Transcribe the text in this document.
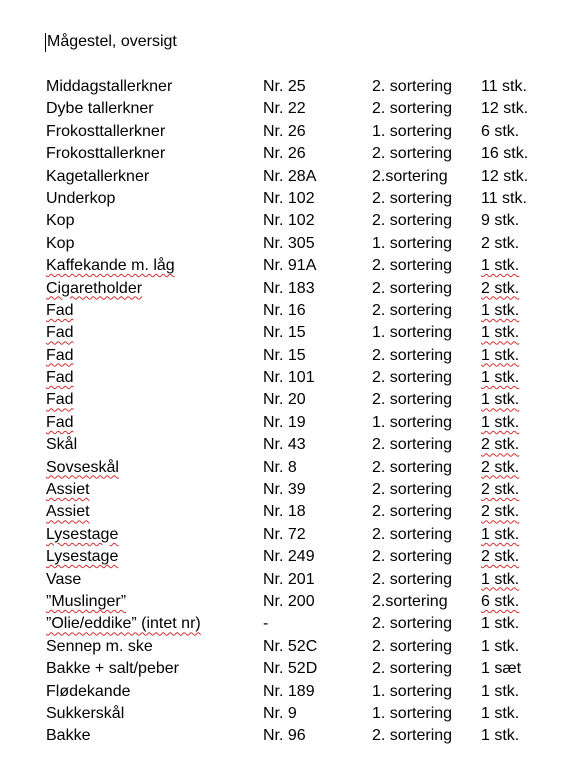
Mågestel, oversigt
Middagstallerkner	Nr. 25	2. sortering 11 stk.
Dybe tallerkner	Nr. 22	2. sortering 12 stk.
Frokosttallerkner	Nr. 26	1. sortering 6 stk.
Frokosttallerkner	Nr. 26	2. sortering 16 stk.
Kagetallerkner	Nr. 28A	2.sortering 12 stk.
Underkop	Nr. 102	2. sortering 11 stk.
Kop	Nr. 102	2. sortering 9 stk.
Kop	Nr. 305	1. sortering 2 stk.
Kaffekande m. låg	Nr. 91A	2. sortering 1 stk.
Cigaretholder	Nr. 183	2. sortering 2 stk.
Fad	Nr. 16	2. sortering 1 stk.
Fad	Nr. 15	1. sortering 1 stk.
Fad	Nr. 15	2. sortering 1 stk.
Fad	Nr. 101	2. sortering 1 stk.
Fad	Nr. 20	2. sortering 1 stk.
Fad	Nr. 19	1. sortering 1 stk.
Skål	Nr. 43	2. sortering 2 stk.
Sovseskål	Nr. 8	2. sortering 2 stk.
Assiet	Nr. 39	2. sortering 2 stk.
Assiet	Nr. 18	2. sortering 2 stk.
Lysestage	Nr. 72	2. sortering 1 stk.
Lysestage	Nr. 249	2. sortering 2 stk.
Vase	Nr. 201	2. sortering 1 stk.
”Muslinger”	Nr. 200	2.sortering 6 stk.
”Olie/eddike” (intet nr)	-	2. sortering 1 stk.
Sennep m. ske	Nr. 52C	2. sortering 1 stk.
Bakke + salt/peber	Nr. 52D	2. sortering 1 sæt
Flødekande	Nr. 189	1. sortering 1 stk.
Sukkerskål	Nr. 9	1. sortering 1 stk.
Bakke	Nr. 96	2. sortering 1 stk.
